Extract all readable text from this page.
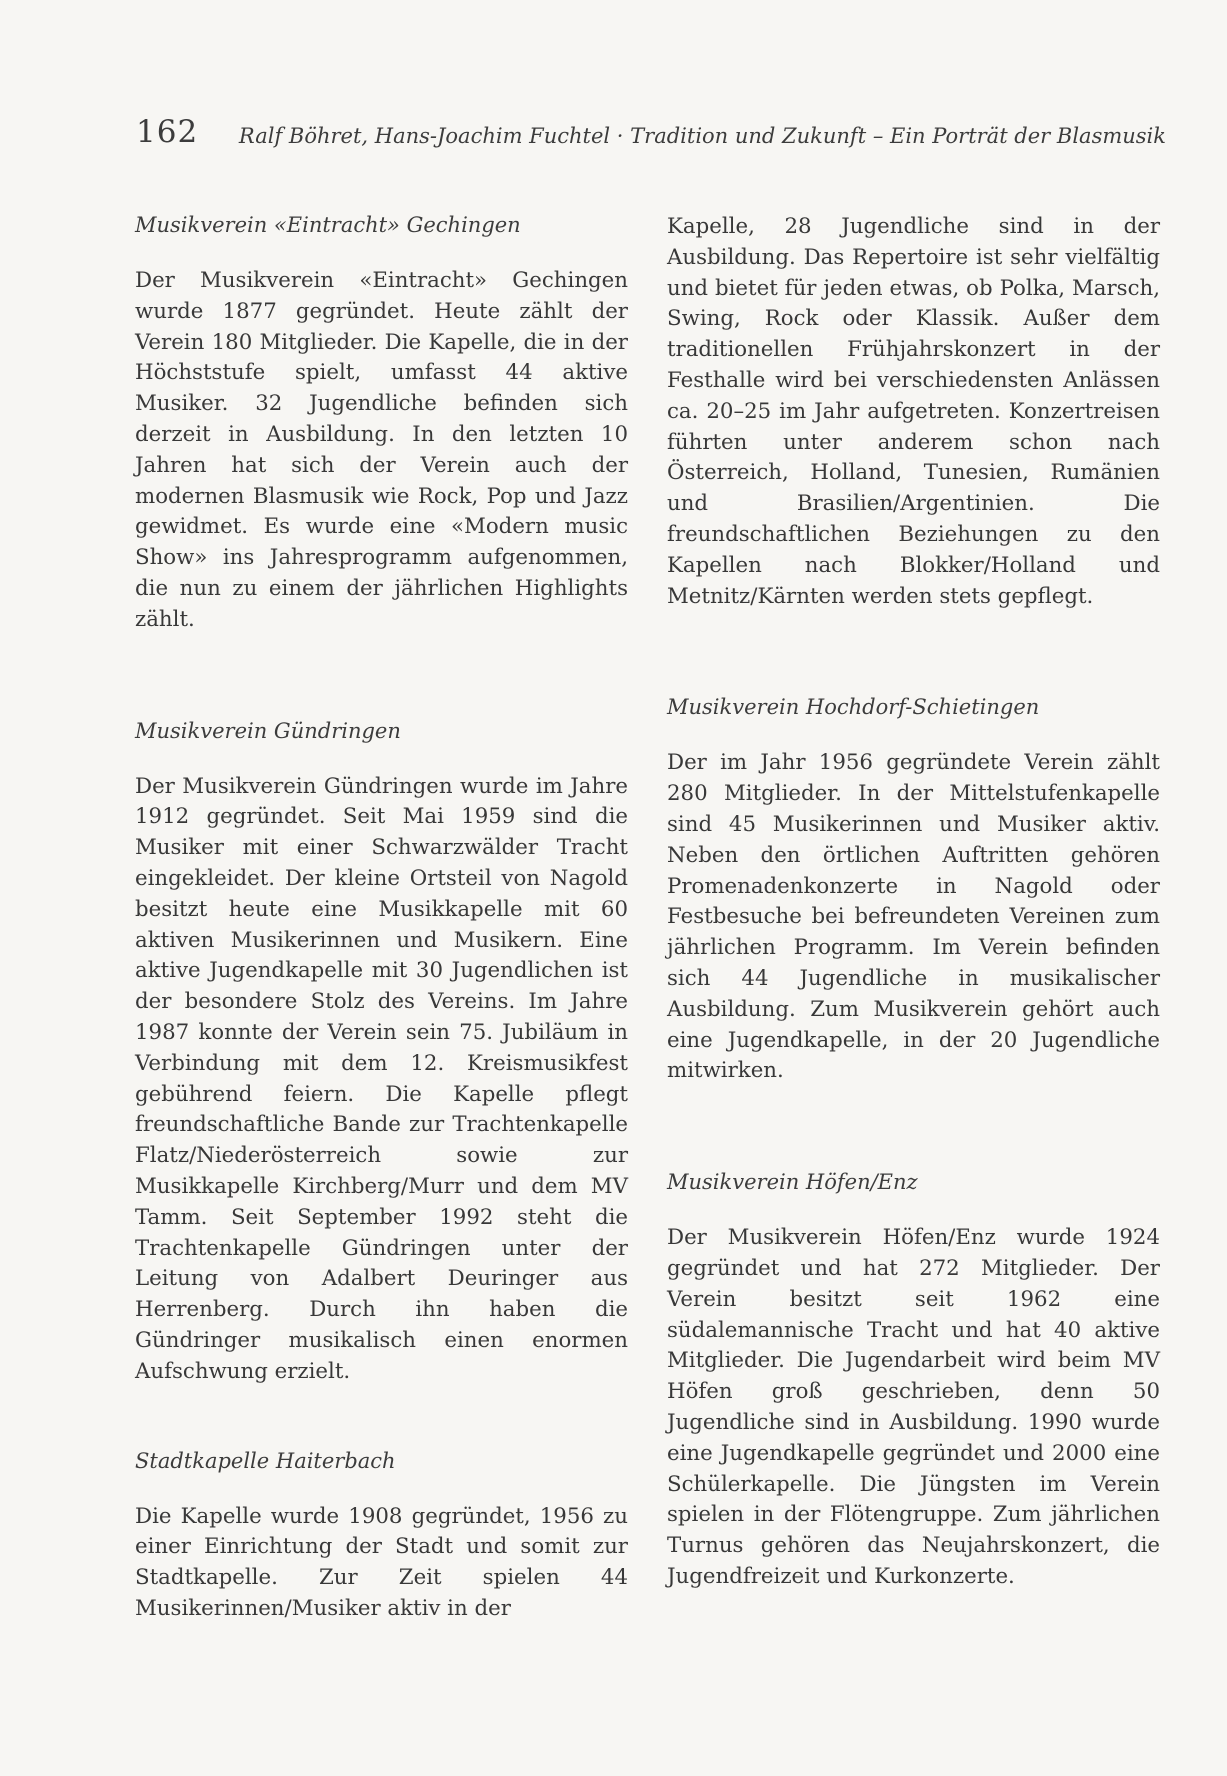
162 Ralf Böhret, Hans-Joachim Fuchtel · Tradition und Zukunft – Ein Porträt der Blasmusik
Musikverein «Eintracht» Gechingen

Der Musikverein «Eintracht» Gechingen wurde 1877 gegründet. Heute zählt der Verein 180 Mitglieder. Die Kapelle, die in der Höchststufe spielt, umfasst 44 aktive Musiker. 32 Jugendliche befinden sich derzeit in Ausbildung. In den letzten 10 Jahren hat sich der Verein auch der modernen Blasmusik wie Rock, Pop und Jazz gewidmet. Es wurde eine «Modern music Show» ins Jahresprogramm aufgenommen, die nun zu einem der jährlichen Highlights zählt.

Musikverein Gündringen

Der Musikverein Gündringen wurde im Jahre 1912 gegründet. Seit Mai 1959 sind die Musiker mit einer Schwarzwälder Tracht eingekleidet. Der kleine Ortsteil von Nagold besitzt heute eine Musikkapelle mit 60 aktiven Musikerinnen und Musikern. Eine aktive Jugendkapelle mit 30 Jugendlichen ist der besondere Stolz des Vereins. Im Jahre 1987 konnte der Verein sein 75. Jubiläum in Verbindung mit dem 12. Kreismusikfest gebührend feiern. Die Kapelle pflegt freundschaftliche Bande zur Trachtenkapelle Flatz/Niederösterreich sowie zur Musikkapelle Kirchberg/Murr und dem MV Tamm. Seit September 1992 steht die Trachtenkapelle Gündringen unter der Leitung von Adalbert Deuringer aus Herrenberg. Durch ihn haben die Gündringer musikalisch einen enormen Aufschwung erzielt.

Stadtkapelle Haiterbach

Die Kapelle wurde 1908 gegründet, 1956 zu einer Einrichtung der Stadt und somit zur Stadtkapelle. Zur Zeit spielen 44 Musikerinnen/Musiker aktiv in der

Kapelle, 28 Jugendliche sind in der Ausbildung. Das Repertoire ist sehr vielfältig und bietet für jeden etwas, ob Polka, Marsch, Swing, Rock oder Klassik. Außer dem traditionellen Frühjahrskonzert in der Festhalle wird bei verschiedensten Anlässen ca. 20–25 im Jahr aufgetreten. Konzertreisen führten unter anderem schon nach Österreich, Holland, Tunesien, Rumänien und Brasilien/Argentinien. Die freundschaftlichen Beziehungen zu den Kapellen nach Blokker/Holland und Metnitz/Kärnten werden stets gepflegt.

Musikverein Hochdorf-Schietingen

Der im Jahr 1956 gegründete Verein zählt 280 Mitglieder. In der Mittelstufenkapelle sind 45 Musikerinnen und Musiker aktiv. Neben den örtlichen Auftritten gehören Promenadenkonzerte in Nagold oder Festbesuche bei befreundeten Vereinen zum jährlichen Programm. Im Verein befinden sich 44 Jugendliche in musikalischer Ausbildung. Zum Musikverein gehört auch eine Jugendkapelle, in der 20 Jugendliche mitwirken.

Musikverein Höfen/Enz

Der Musikverein Höfen/Enz wurde 1924 gegründet und hat 272 Mitglieder. Der Verein besitzt seit 1962 eine südalemannische Tracht und hat 40 aktive Mitglieder. Die Jugendarbeit wird beim MV Höfen groß geschrieben, denn 50 Jugendliche sind in Ausbildung. 1990 wurde eine Jugendkapelle gegründet und 2000 eine Schülerkapelle. Die Jüngsten im Verein spielen in der Flötengruppe. Zum jährlichen Turnus gehören das Neujahrskonzert, die Jugendfreizeit und Kurkonzerte.
